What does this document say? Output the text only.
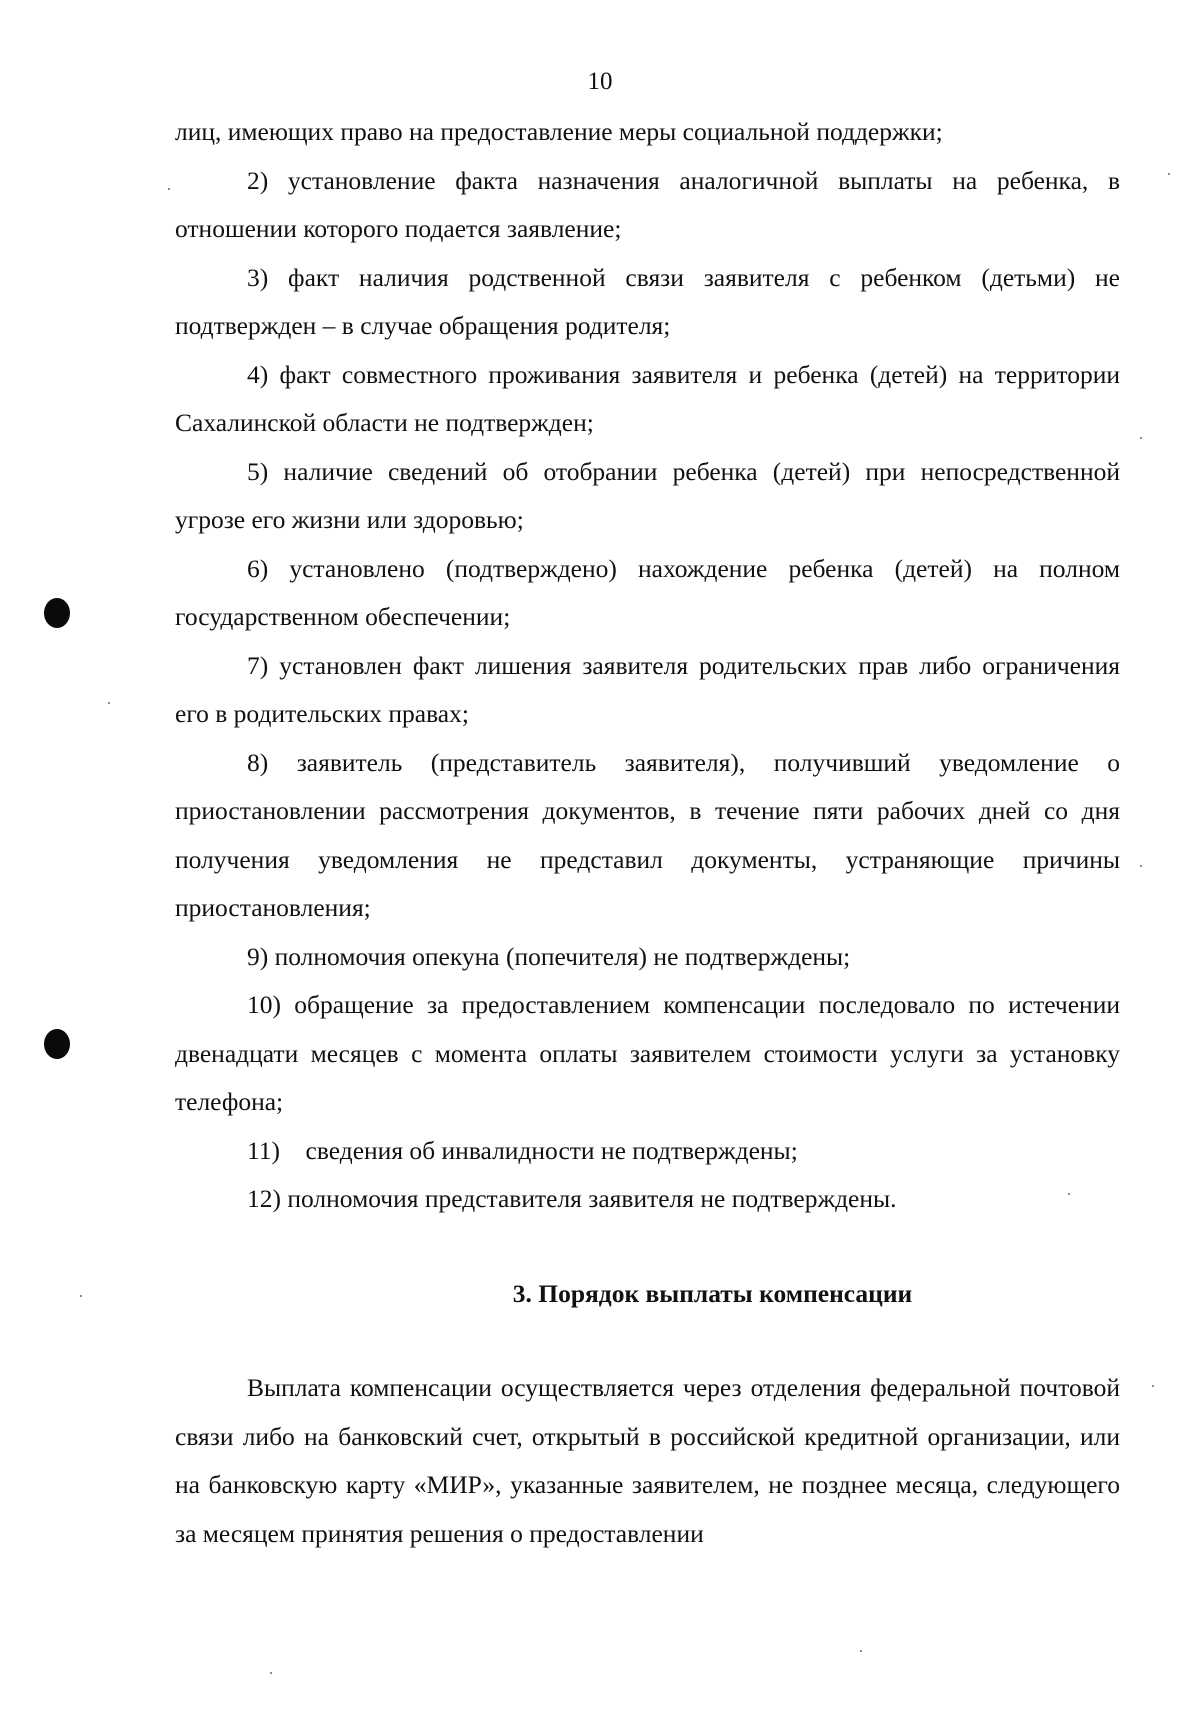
10

лиц, имеющих право на предоставление меры социальной поддержки;

2) установление факта назначения аналогичной выплаты на ребенка, в отношении которого подается заявление;

3) факт наличия родственной связи заявителя с ребенком (детьми) не подтвержден – в случае обращения родителя;

4) факт совместного проживания заявителя и ребенка (детей) на территории Сахалинской области не подтвержден;

5) наличие сведений об отобрании ребенка (детей) при непосредственной угрозе его жизни или здоровью;

6) установлено (подтверждено) нахождение ребенка (детей) на полном государственном обеспечении;

7) установлен факт лишения заявителя родительских прав либо ограничения его в родительских правах;

8) заявитель (представитель заявителя), получивший уведомление о приостановлении рассмотрения документов, в течение пяти рабочих дней со дня получения уведомления не представил документы, устраняющие причины приостановления;

9) полномочия опекуна (попечителя) не подтверждены;

10) обращение за предоставлением компенсации последовало по истечении двенадцати месяцев с момента оплаты заявителем стоимости услуги за установку телефона;

11)    сведения об инвалидности не подтверждены;

12) полномочия представителя заявителя не подтверждены.

3. Порядок выплаты компенсации

Выплата компенсации осуществляется через отделения федеральной почтовой связи либо на банковский счет, открытый в российской кредитной организации, или на банковскую карту «МИР», указанные заявителем, не позднее месяца, следующего за месяцем принятия решения о предоставлении
